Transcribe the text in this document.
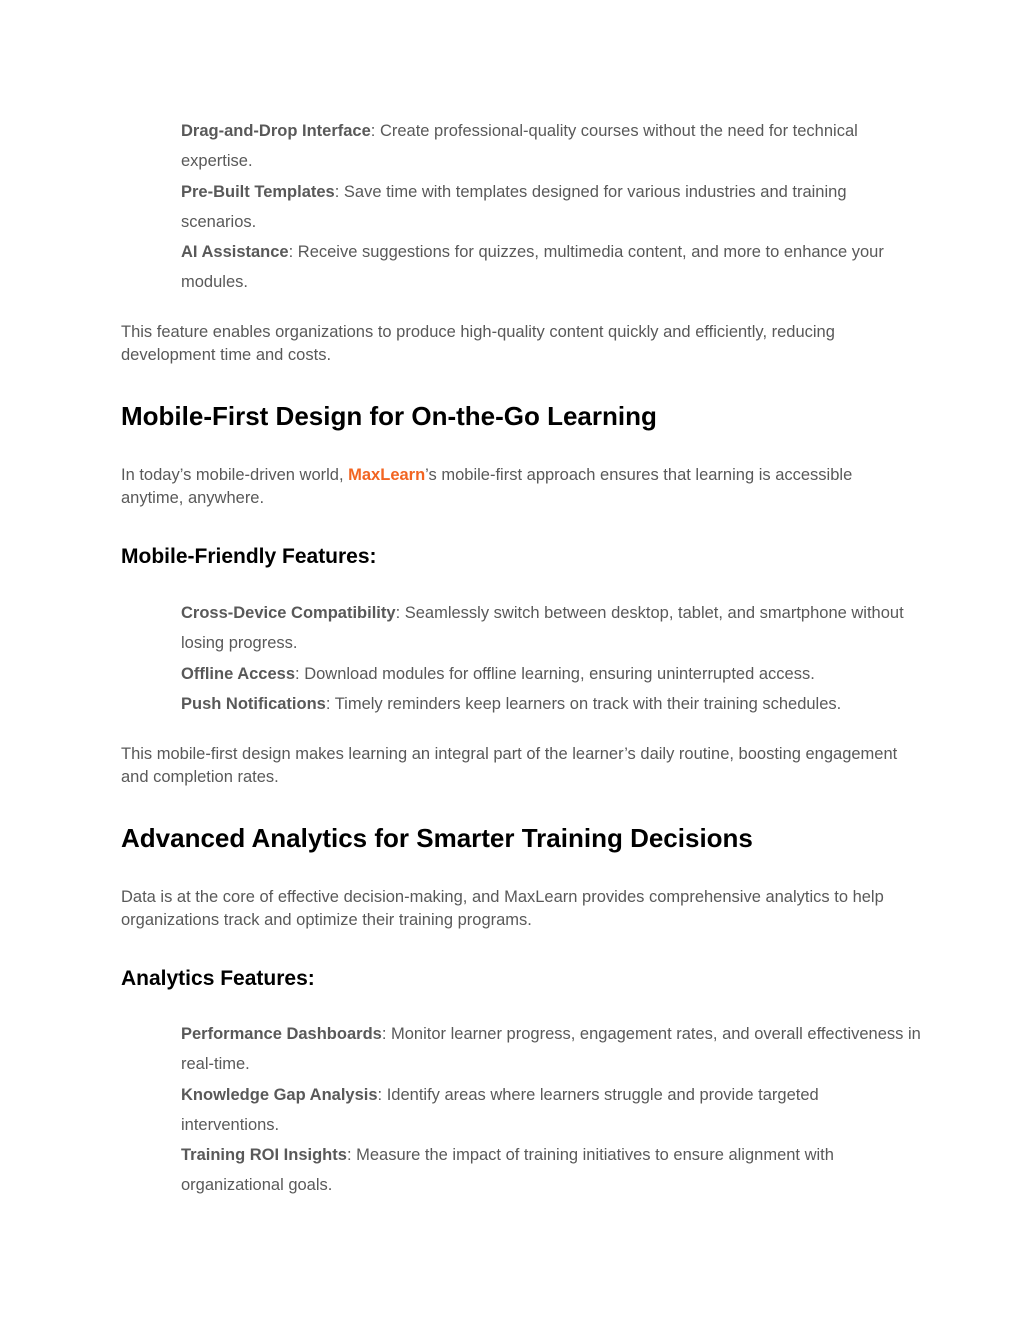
Drag-and-Drop Interface: Create professional-quality courses without the need for technical expertise.
Pre-Built Templates: Save time with templates designed for various industries and training scenarios.
AI Assistance: Receive suggestions for quizzes, multimedia content, and more to enhance your modules.

This feature enables organizations to produce high-quality content quickly and efficiently, reducing development time and costs.

Mobile-First Design for On-the-Go Learning

In today’s mobile-driven world, MaxLearn’s mobile-first approach ensures that learning is accessible anytime, anywhere.

Mobile-Friendly Features:
Cross-Device Compatibility: Seamlessly switch between desktop, tablet, and smartphone without losing progress.
Offline Access: Download modules for offline learning, ensuring uninterrupted access.
Push Notifications: Timely reminders keep learners on track with their training schedules.

This mobile-first design makes learning an integral part of the learner’s daily routine, boosting engagement and completion rates.

Advanced Analytics for Smarter Training Decisions

Data is at the core of effective decision-making, and MaxLearn provides comprehensive analytics to help organizations track and optimize their training programs.

Analytics Features:
Performance Dashboards: Monitor learner progress, engagement rates, and overall effectiveness in real-time.
Knowledge Gap Analysis: Identify areas where learners struggle and provide targeted interventions.
Training ROI Insights: Measure the impact of training initiatives to ensure alignment with organizational goals.
